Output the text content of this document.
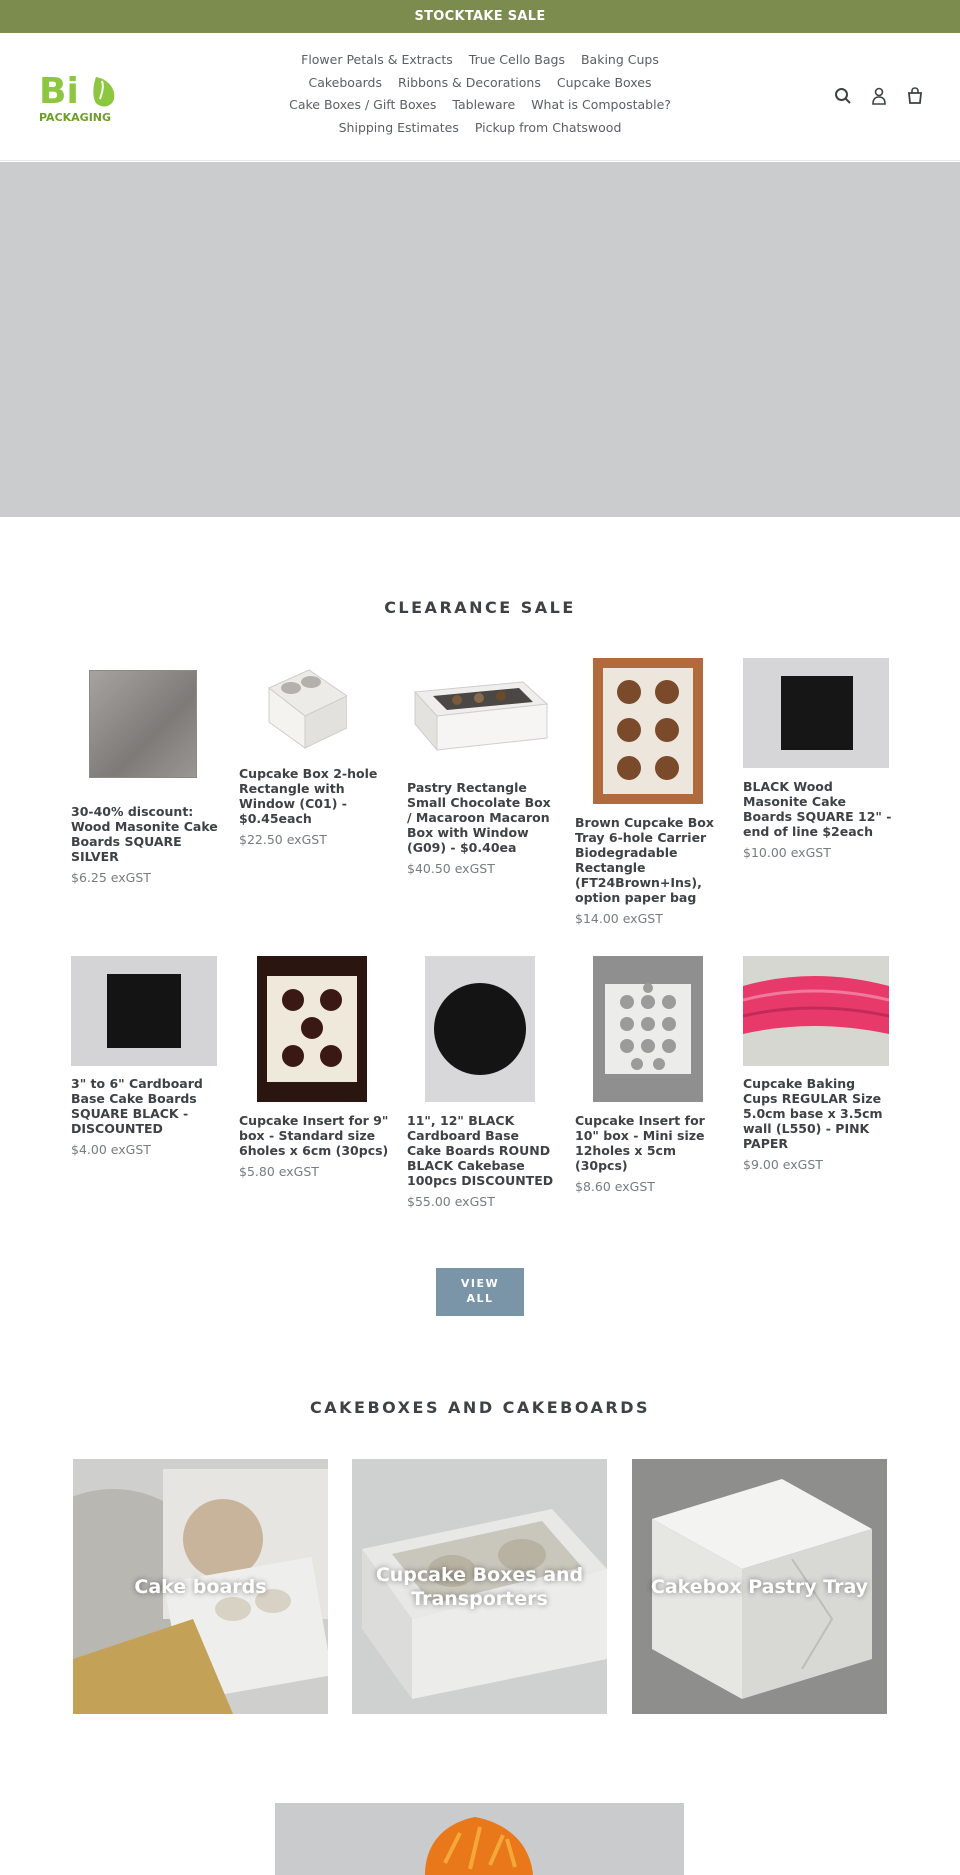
STOCKTAKE SALE
Bi
PACKAGING
Flower Petals & Extracts True Cello Bags Baking Cups
Cakeboards Ribbons & Decorations Cupcake Boxes
Cake Boxes / Gift Boxes Tableware What is Compostable?
Shipping Estimates Pickup from Chatswood
CLEARANCE SALE
30-40% discount: Wood Masonite Cake Boards SQUARE SILVER
$6.25 exGST
Cupcake Box 2-hole Rectangle with Window (C01) - $0.45each
$22.50 exGST
Pastry Rectangle Small Chocolate Box / Macaroon Macaron Box with Window (G09) - $0.40ea
$40.50 exGST
Brown Cupcake Box Tray 6-hole Carrier Biodegradable Rectangle (FT24Brown+Ins), option paper bag
$14.00 exGST
BLACK Wood Masonite Cake Boards SQUARE 12" - end of line $2each
$10.00 exGST
3" to 6" Cardboard Base Cake Boards SQUARE BLACK - DISCOUNTED
$4.00 exGST
Cupcake Insert for 9" box - Standard size 6holes x 6cm (30pcs)
$5.80 exGST
11", 12" BLACK Cardboard Base Cake Boards ROUND BLACK Cakebase 100pcs DISCOUNTED
$55.00 exGST
Cupcake Insert for 10" box - Mini size 12holes x 5cm (30pcs)
$8.60 exGST
Cupcake Baking Cups REGULAR Size 5.0cm base x 3.5cm wall (L550) - PINK PAPER
$9.00 exGST
VIEW
ALL
CAKEBOXES AND CAKEBOARDS
Cake boards
Cupcake Boxes and Transporters
Cakebox Pastry Tray
